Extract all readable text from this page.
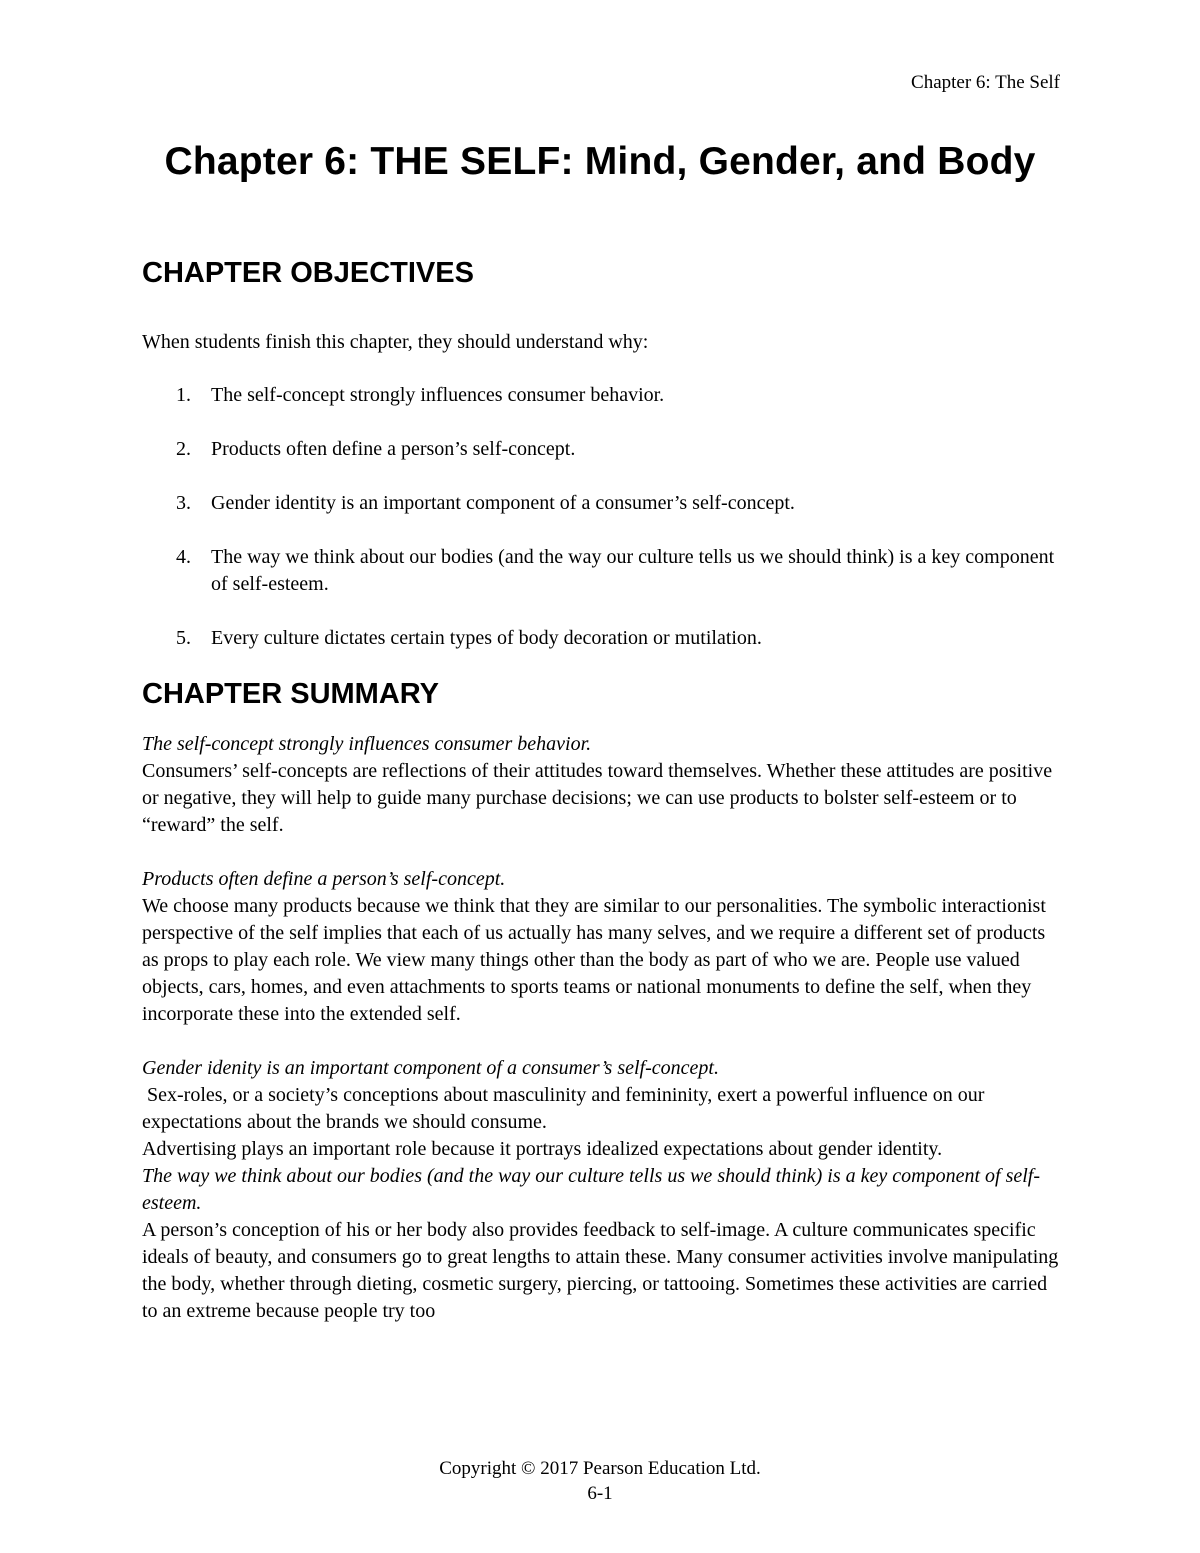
Chapter 6: The Self
Chapter 6: THE SELF: Mind, Gender, and Body
CHAPTER OBJECTIVES

When students finish this chapter, they should understand why:

1. The self-concept strongly influences consumer behavior.
2. Products often define a person’s self-concept.
3. Gender identity is an important component of a consumer’s self-concept.
4. The way we think about our bodies (and the way our culture tells us we should think) is a key component of self-esteem.
5. Every culture dictates certain types of body decoration or mutilation.
CHAPTER SUMMARY
The self-concept strongly influences consumer behavior.
Consumers’ self-concepts are reflections of their attitudes toward themselves. Whether these attitudes are positive or negative, they will help to guide many purchase decisions; we can use products to bolster self-esteem or to “reward” the self.
Products often define a person’s self-concept.
We choose many products because we think that they are similar to our personalities. The symbolic interactionist perspective of the self implies that each of us actually has many selves, and we require a different set of products as props to play each role. We view many things other than the body as part of who we are. People use valued objects, cars, homes, and even attachments to sports teams or national monuments to define the self, when they incorporate these into the extended self.
Gender idenity is an important component of a consumer’s self-concept.
Sex-roles, or a society’s conceptions about masculinity and femininity, exert a powerful influence on our expectations about the brands we should consume.
Advertising plays an important role because it portrays idealized expectations about gender identity.
The way we think about our bodies (and the way our culture tells us we should think) is a key component of self-esteem.
A person’s conception of his or her body also provides feedback to self-image. A culture communicates specific ideals of beauty, and consumers go to great lengths to attain these. Many consumer activities involve manipulating the body, whether through dieting, cosmetic surgery, piercing, or tattooing. Sometimes these activities are carried to an extreme because people try too
Copyright © 2017 Pearson Education Ltd.
6-1
